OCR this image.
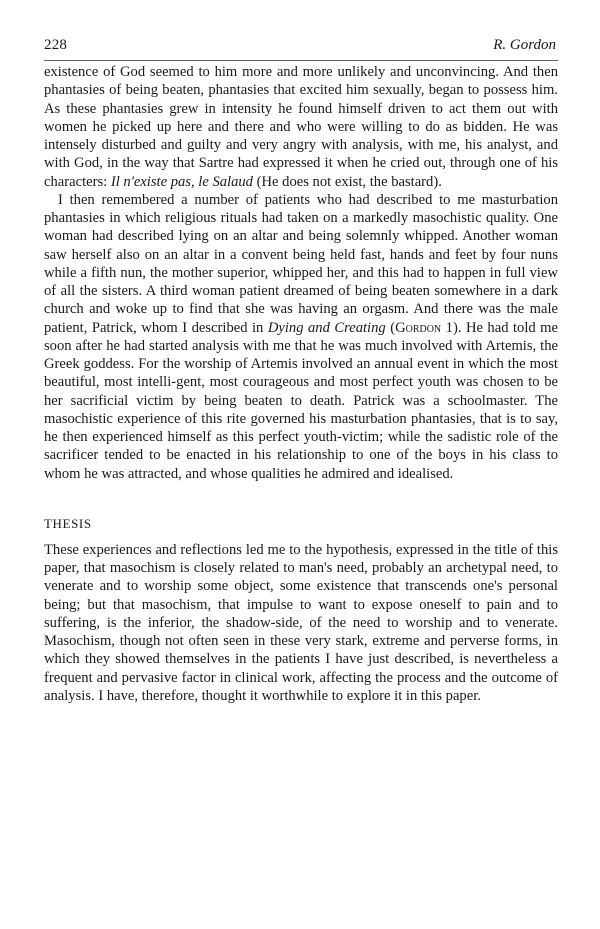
228	R. Gordon

existence of God seemed to him more and more unlikely and unconvincing. And then phantasies of being beaten, phantasies that excited him sexually, began to possess him. As these phantasies grew in intensity he found himself driven to act them out with women he picked up here and there and who were willing to do as bidden. He was intensely disturbed and guilty and very angry with analysis, with me, his analyst, and with God, in the way that Sartre had expressed it when he cried out, through one of his characters: Il n'existe pas, le Salaud (He does not exist, the bastard).

I then remembered a number of patients who had described to me masturbation phantasies in which religious rituals had taken on a markedly masochistic quality. One woman had described lying on an altar and being solemnly whipped. Another woman saw herself also on an altar in a convent being held fast, hands and feet by four nuns while a fifth nun, the mother superior, whipped her, and this had to happen in full view of all the sisters. A third woman patient dreamed of being beaten somewhere in a dark church and woke up to find that she was having an orgasm. And there was the male patient, Patrick, whom I described in Dying and Creating (Gordon 1). He had told me soon after he had started analysis with me that he was much involved with Artemis, the Greek goddess. For the worship of Artemis involved an annual event in which the most beautiful, most intelli-gent, most courageous and most perfect youth was chosen to be her sacrificial victim by being beaten to death. Patrick was a schoolmaster. The masochistic experience of this rite governed his masturbation phantasies, that is to say, he then experienced himself as this perfect youth-victim; while the sadistic role of the sacrificer tended to be enacted in his relationship to one of the boys in his class to whom he was attracted, and whose qualities he admired and idealised.

THESIS

These experiences and reflections led me to the hypothesis, expressed in the title of this paper, that masochism is closely related to man's need, probably an archetypal need, to venerate and to worship some object, some existence that transcends one's personal being; but that masochism, that impulse to want to expose oneself to pain and to suffering, is the inferior, the shadow-side, of the need to worship and to venerate. Masochism, though not often seen in these very stark, extreme and perverse forms, in which they showed themselves in the patients I have just described, is nevertheless a frequent and pervasive factor in clinical work, affecting the process and the outcome of analysis. I have, therefore, thought it worthwhile to explore it in this paper.
